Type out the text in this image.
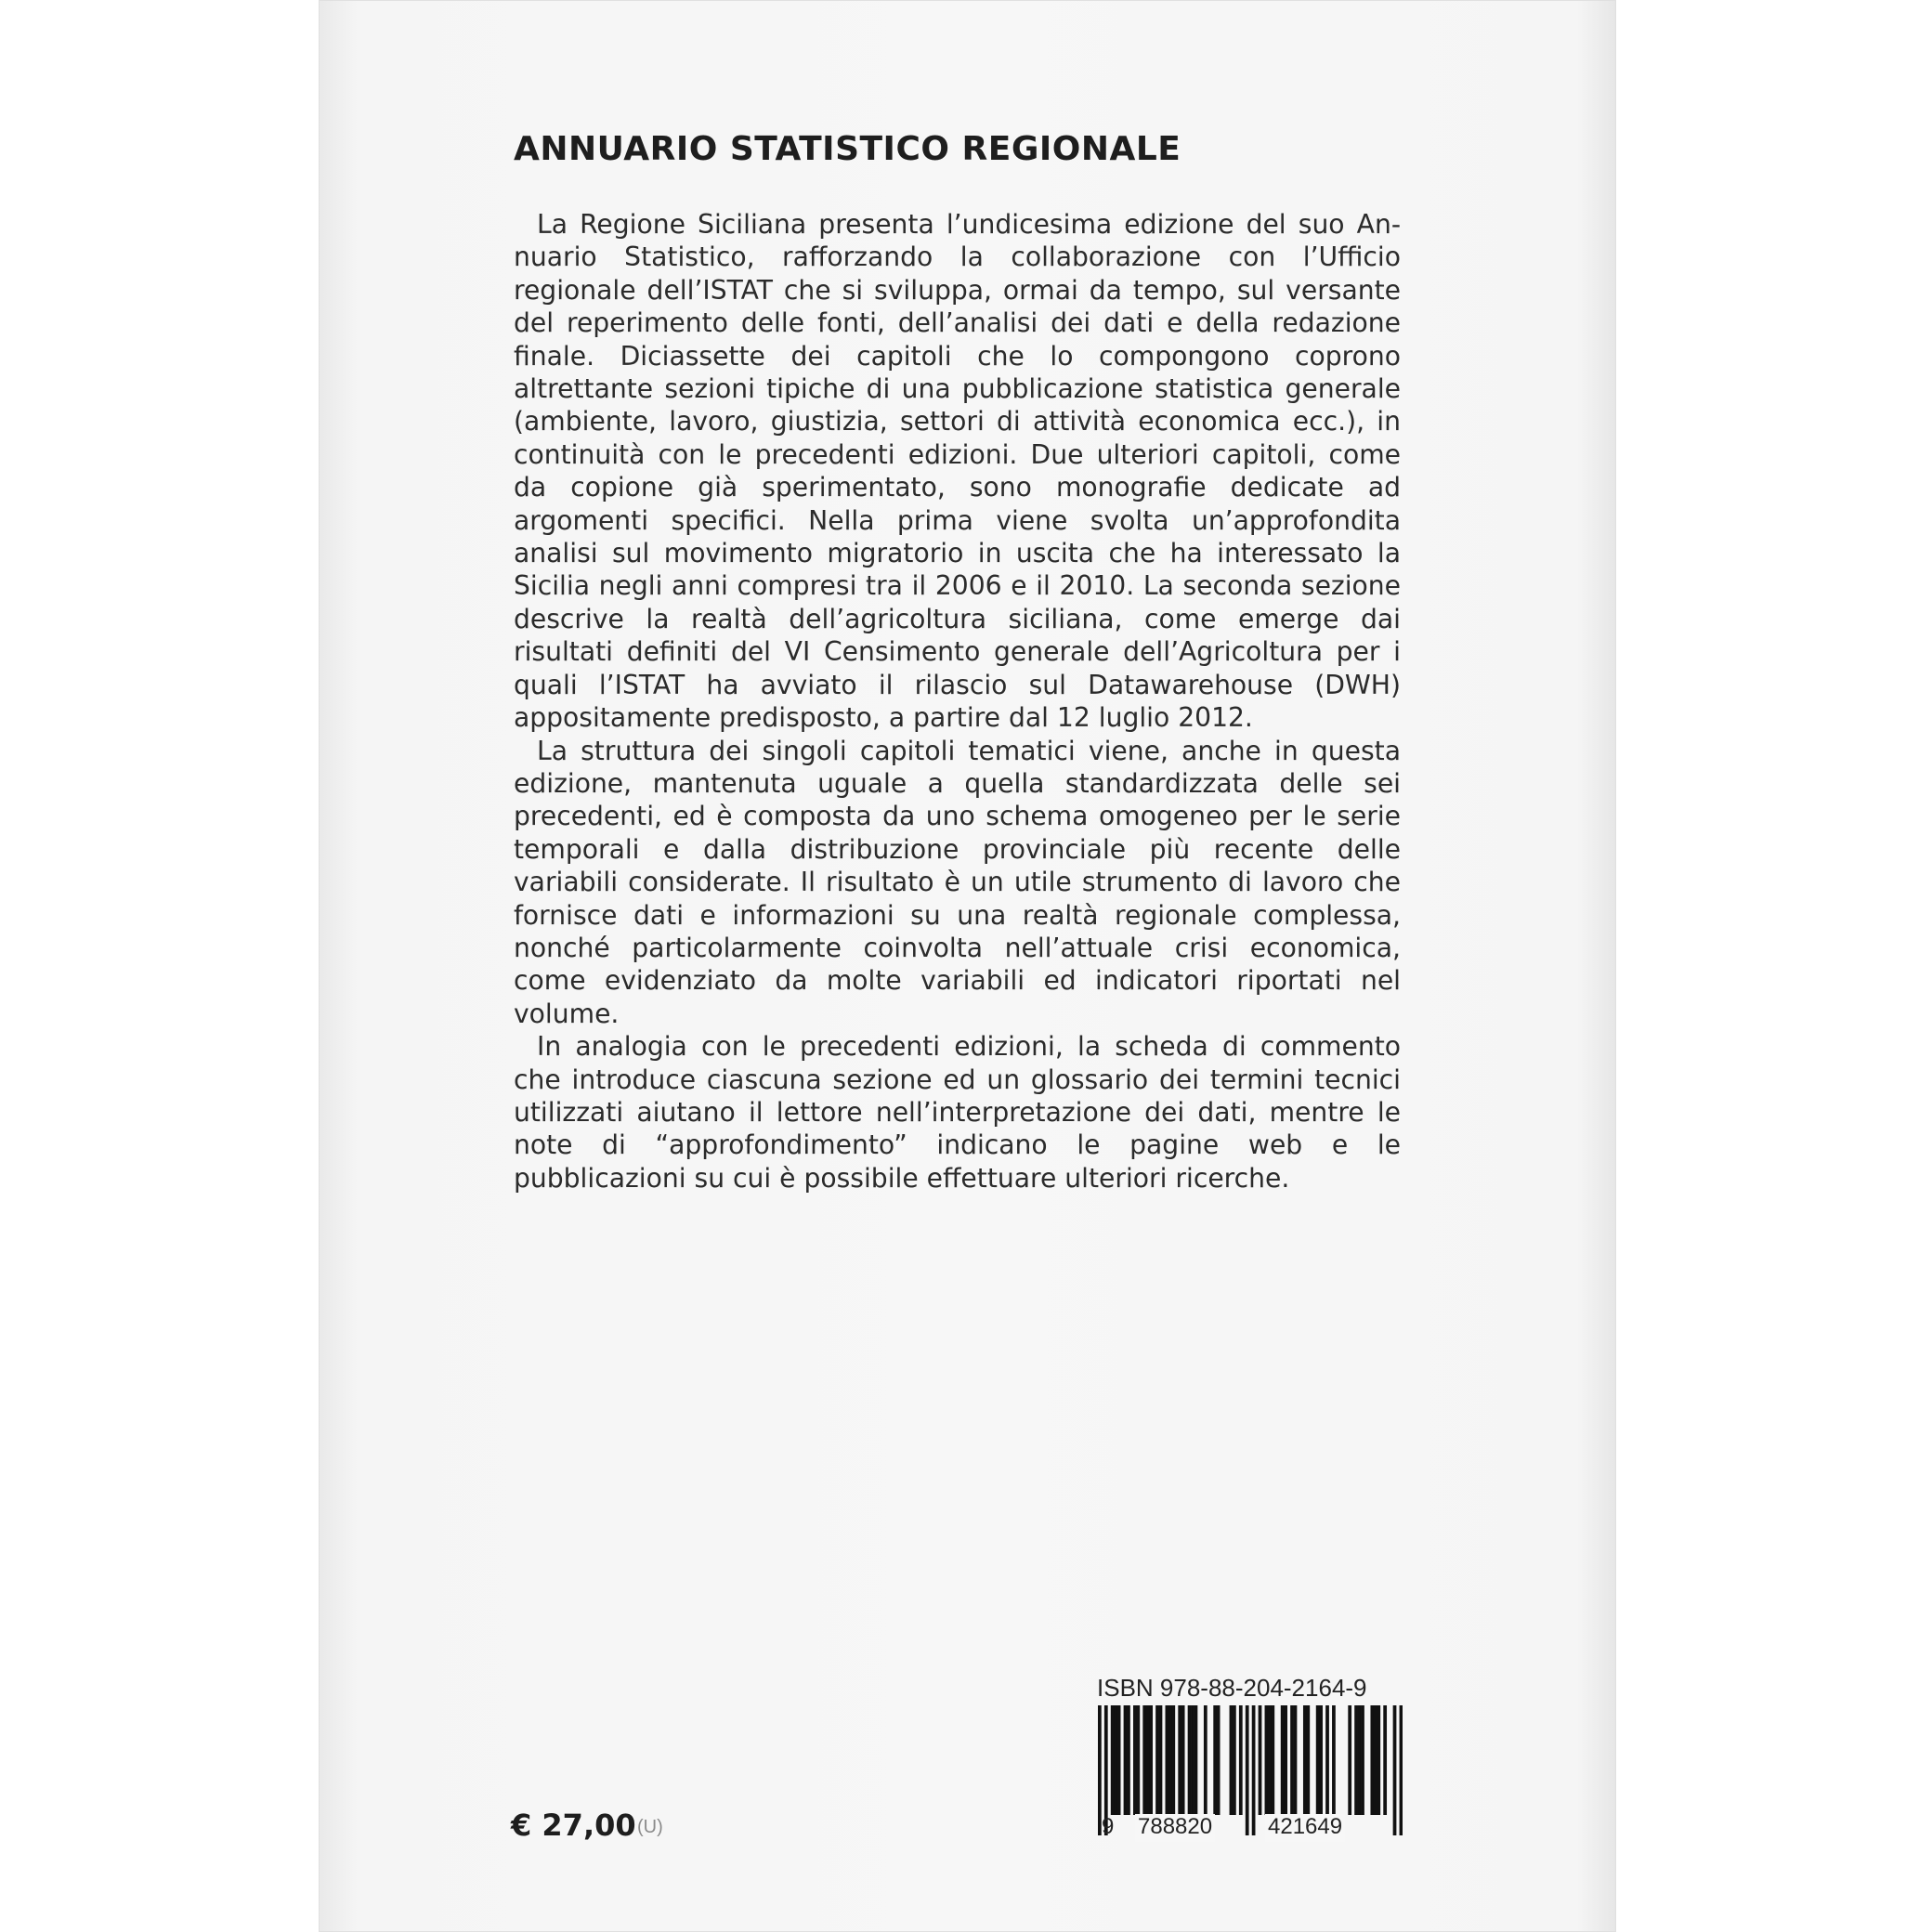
ANNUARIO STATISTICO REGIONALE

La Regione Siciliana presenta l’undicesima edizione del suo Annuario Statistico, rafforzando la collaborazione con l’Ufficio regionale dell’ISTAT che si sviluppa, ormai da tempo, sul versante del reperimento delle fonti, dell’analisi dei dati e della redazione finale. Diciassette dei capitoli che lo compongono coprono altrettante sezioni tipiche di una pubblicazione statistica generale (ambiente, lavoro, giustizia, settori di attività economica ecc.), in continuità con le precedenti edizioni. Due ulteriori capitoli, come da copione già sperimentato, sono monografie dedicate ad argomenti specifici. Nella prima viene svolta un’approfondita analisi sul movimento migratorio in uscita che ha interessato la Sicilia negli anni compresi tra il 2006 e il 2010. La seconda sezione descrive la realtà dell’agricoltura siciliana, come emerge dai risultati definiti del VI Censimento generale dell’Agricoltura per i quali l’ISTAT ha avviato il rilascio sul Datawarehouse (DWH) appositamente predisposto, a partire dal 12 luglio 2012.

La struttura dei singoli capitoli tematici viene, anche in questa edizione, mantenuta uguale a quella standardizzata delle sei precedenti, ed è composta da uno schema omogeneo per le serie temporali e dalla distribuzione provinciale più recente delle variabili considerate. Il risultato è un utile strumento di lavoro che fornisce dati e informazioni su una realtà regionale complessa, nonché particolarmente coinvolta nell’attuale crisi economica, come evidenziato da molte variabili ed indicatori riportati nel volume.

In analogia con le precedenti edizioni, la scheda di commento che introduce ciascuna sezione ed un glossario dei termini tecnici utilizzati aiutano il lettore nell’interpretazione dei dati, mentre le note di “approfondimento” indicano le pagine web e le pubblicazioni su cui è possibile effettuare ulteriori ricerche.

ISBN 978-88-204-2164-9
9 788820 421649
€ 27,00 (U)
